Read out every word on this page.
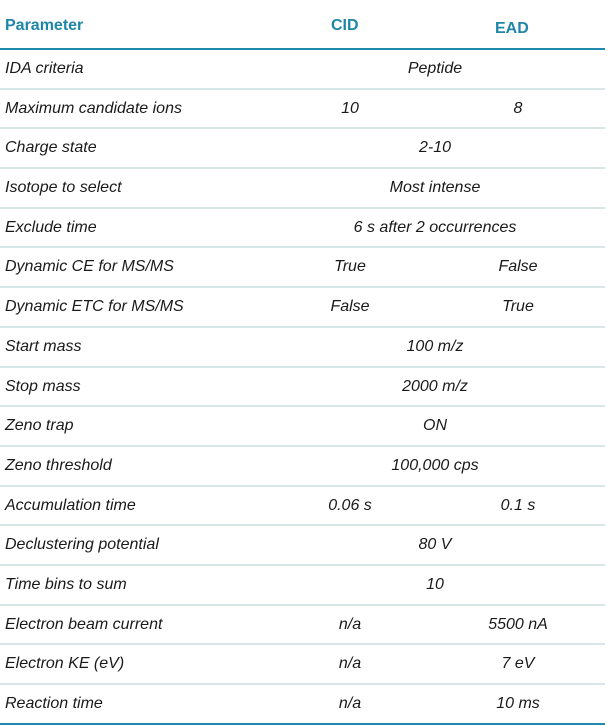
Parameter	CID	EAD
IDA criteria	Peptide
Maximum candidate ions	10	8
Charge state	2-10
Isotope to select	Most intense
Exclude time	6 s after 2 occurrences
Dynamic CE for MS/MS	True	False
Dynamic ETC for MS/MS	False	True
Start mass	100 m/z
Stop mass	2000 m/z
Zeno trap	ON
Zeno threshold	100,000 cps
Accumulation time	0.06 s	0.1 s
Declustering potential	80 V
Time bins to sum	10
Electron beam current	n/a	5500 nA
Electron KE (eV)	n/a	7 eV
Reaction time	n/a	10 ms
